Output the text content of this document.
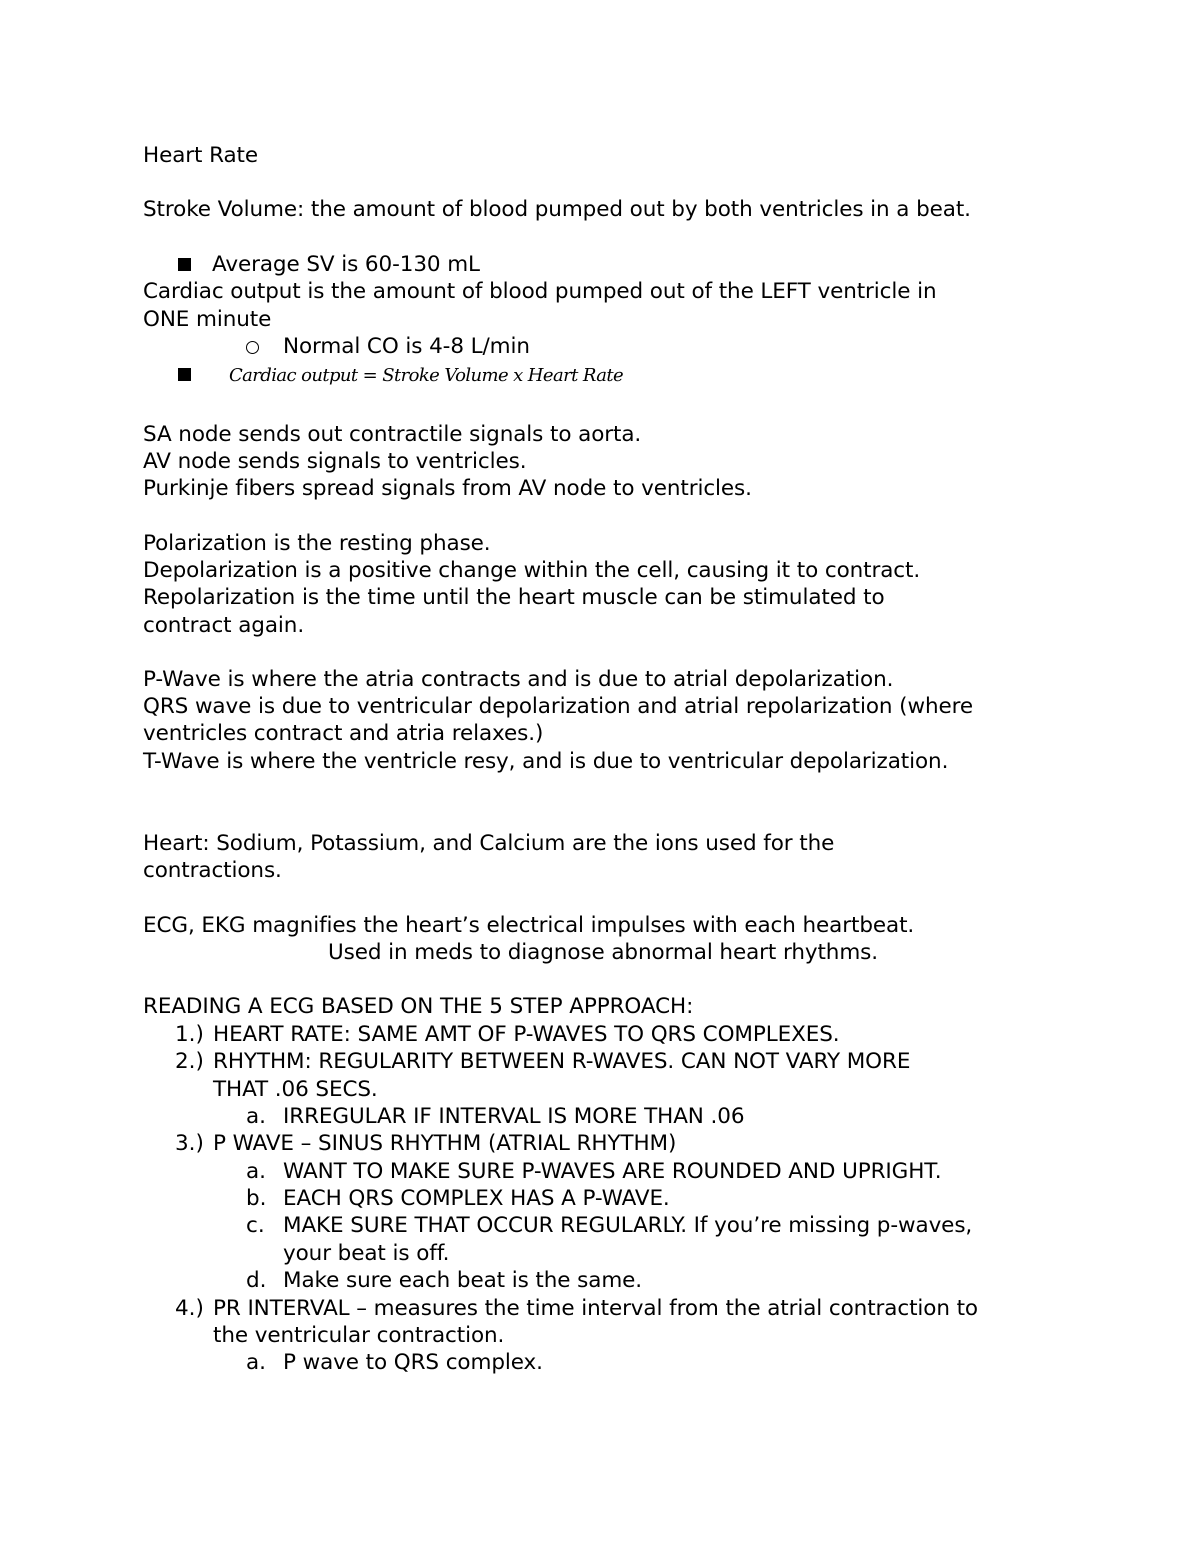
Heart Rate
Stroke Volume: the amount of blood pumped out by both ventricles in a beat.
Average SV is 60-130 mL
Cardiac output is the amount of blood pumped out of the LEFT ventricle in
ONE minute
Normal CO is 4-8 L/min
Cardiac output = Stroke Volume x Heart Rate
SA node sends out contractile signals to aorta.
AV node sends signals to ventricles.
Purkinje fibers spread signals from AV node to ventricles.
Polarization is the resting phase.
Depolarization is a positive change within the cell, causing it to contract.
Repolarization is the time until the heart muscle can be stimulated to
contract again.
P-Wave is where the atria contracts and is due to atrial depolarization.
QRS wave is due to ventricular depolarization and atrial repolarization (where
ventricles contract and atria relaxes.)
T-Wave is where the ventricle resy, and is due to ventricular depolarization.
Heart: Sodium, Potassium, and Calcium are the ions used for the
contractions.
ECG, EKG magnifies the heart’s electrical impulses with each heartbeat.
Used in meds to diagnose abnormal heart rhythms.
READING A ECG BASED ON THE 5 STEP APPROACH:
1.) HEART RATE: SAME AMT OF P-WAVES TO QRS COMPLEXES.
2.) RHYTHM: REGULARITY BETWEEN R-WAVES. CAN NOT VARY MORE
THAT .06 SECS.
a. IRREGULAR IF INTERVAL IS MORE THAN .06
3.) P WAVE – SINUS RHYTHM (ATRIAL RHYTHM)
a. WANT TO MAKE SURE P-WAVES ARE ROUNDED AND UPRIGHT.
b. EACH QRS COMPLEX HAS A P-WAVE.
c. MAKE SURE THAT OCCUR REGULARLY. If you’re missing p-waves,
your beat is off.
d. Make sure each beat is the same.
4.) PR INTERVAL – measures the time interval from the atrial contraction to
the ventricular contraction.
a. P wave to QRS complex.
